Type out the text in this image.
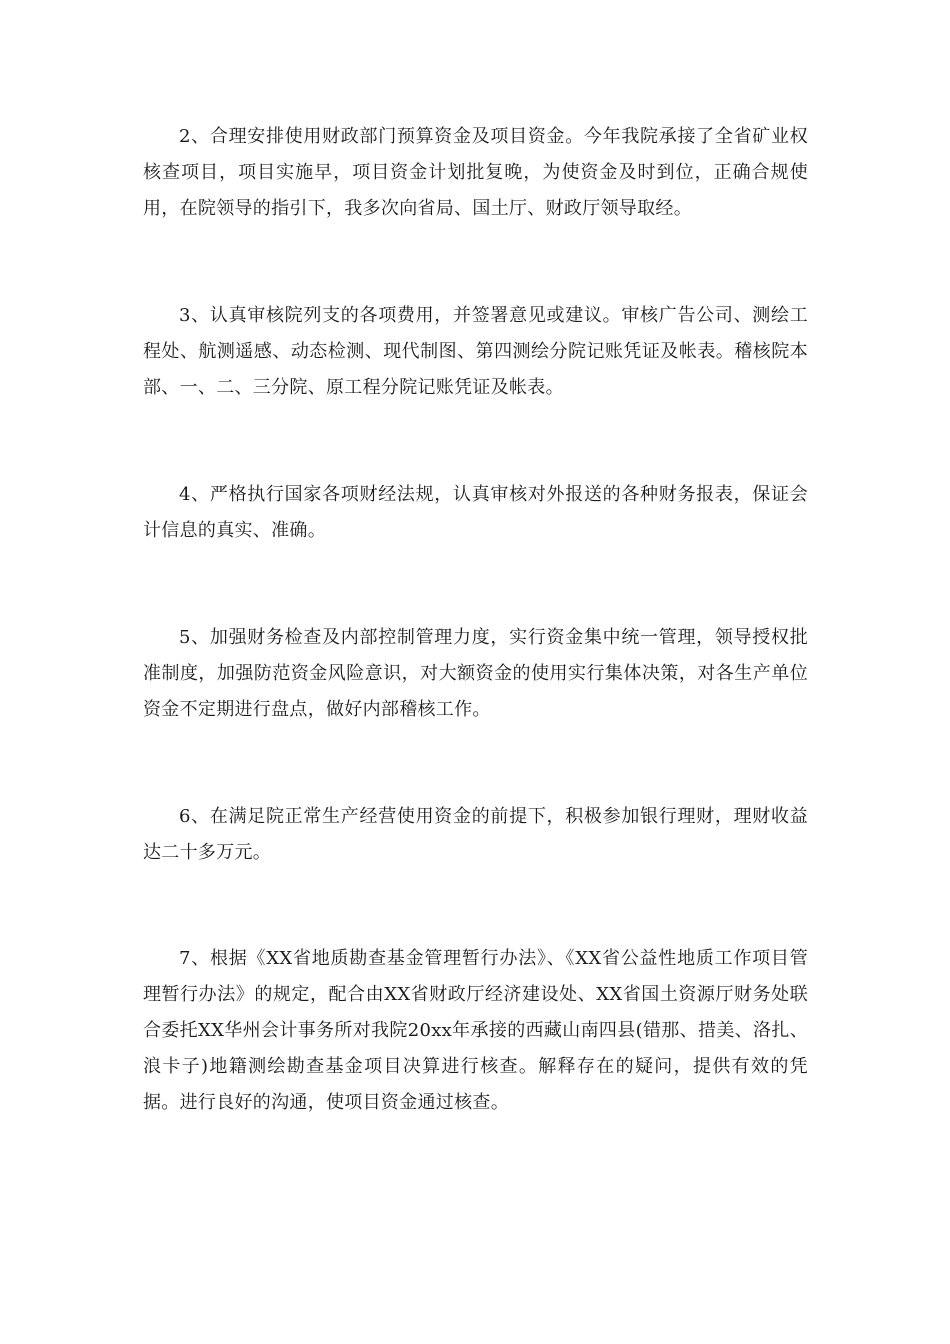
2、合理安排使用财政部门预算资金及项目资金。今年我院承接了全省矿业权核查项目，项目实施早，项目资金计划批复晚，为使资金及时到位，正确合规使用，在院领导的指引下，我多次向省局、国土厅、财政厅领导取经。

3、认真审核院列支的各项费用，并签署意见或建议。审核广告公司、测绘工程处、航测遥感、动态检测、现代制图、第四测绘分院记账凭证及帐表。稽核院本部、一、二、三分院、原工程分院记账凭证及帐表。

4、严格执行国家各项财经法规，认真审核对外报送的各种财务报表，保证会计信息的真实、准确。

5、加强财务检查及内部控制管理力度，实行资金集中统一管理，领导授权批准制度，加强防范资金风险意识，对大额资金的使用实行集体决策，对各生产单位资金不定期进行盘点，做好内部稽核工作。

6、在满足院正常生产经营使用资金的前提下，积极参加银行理财，理财收益达二十多万元。

7、根据《XX省地质勘查基金管理暂行办法》、《XX省公益性地质工作项目管理暂行办法》的规定，配合由XX省财政厅经济建设处、XX省国土资源厅财务处联合委托XX华州会计事务所对我院20xx年承接的西藏山南四县(错那、措美、洛扎、浪卡子)地籍测绘勘查基金项目决算进行核查。解释存在的疑问，提供有效的凭据。进行良好的沟通，使项目资金通过核查。
